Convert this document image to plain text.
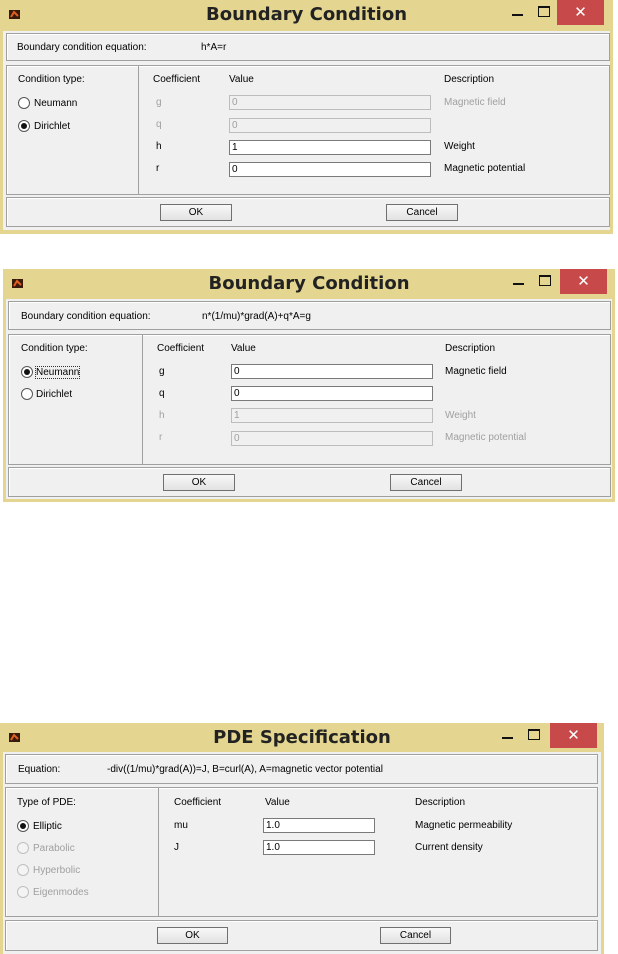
Boundary Condition	✕
Boundary condition equation:	h*A=r
Condition type:
Neumann
Dirichlet
Coefficient	Value	Description
g	0	Magnetic field
q	0
h	1	Weight
r	0	Magnetic potential
OK	Cancel
Boundary Condition	✕
Boundary condition equation:	n*(1/mu)*grad(A)+q*A=g
Condition type:
Neumann
Dirichlet
Coefficient	Value	Description
g	0	Magnetic field
q	0
h	1	Weight
r	0	Magnetic potential
OK	Cancel
PDE Specification	✕
Equation:	-div((1/mu)*grad(A))=J, B=curl(A), A=magnetic vector potential
Type of PDE:
Elliptic
Parabolic
Hyperbolic
Eigenmodes
Coefficient	Value	Description
mu	1.0	Magnetic permeability
J	1.0	Current density
OK	Cancel
